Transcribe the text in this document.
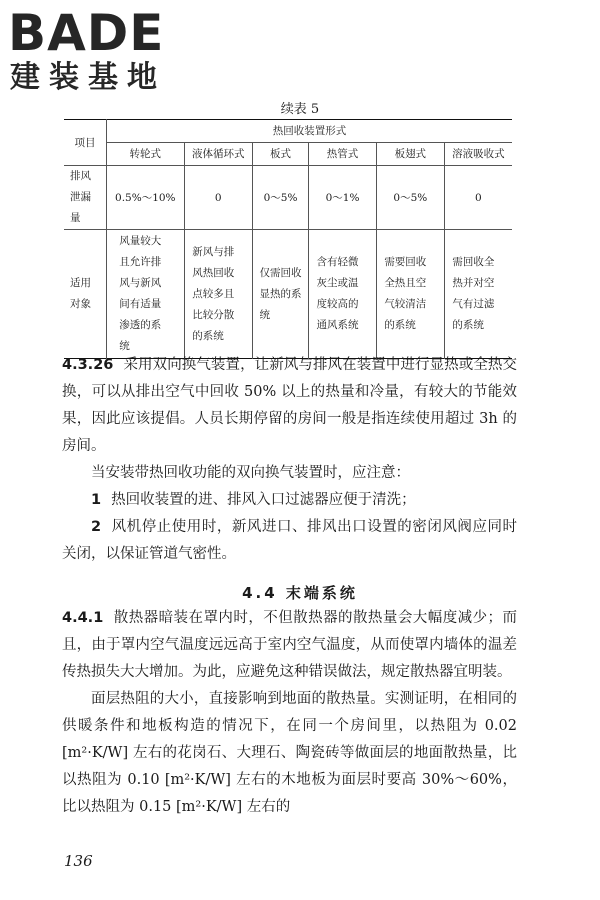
BADE
建装基地
续表 5
项目	热回收装置形式					
	转轮式	液体循环式	板式	热管式	板翅式	溶液吸收式
排风泄漏量	0.5%～10%	0	0～5%	0～1%	0～5%	0
适用对象	风量较大且允许排风与新风间有适量渗透的系统	新风与排风热回收点较多且比较分散的系统	仅需回收显热的系统	含有轻微灰尘或温度较高的通风系统	需要回收全热且空气较清洁的系统	需回收全热并对空气有过滤的系统

4.3.26 采用双向换气装置，让新风与排风在装置中进行显热或全热交换，可以从排出空气中回收 50% 以上的热量和冷量，有较大的节能效果，因此应该提倡。人员长期停留的房间一般是指连续使用超过 3h 的房间。

当安装带热回收功能的双向换气装置时，应注意：

1 热回收装置的进、排风入口过滤器应便于清洗；

2 风机停止使用时，新风进口、排风出口设置的密闭风阀应同时关闭，以保证管道气密性。

4.4 末端系统

4.4.1 散热器暗装在罩内时，不但散热器的散热量会大幅度减少；而且，由于罩内空气温度远远高于室内空气温度，从而使罩内墙体的温差传热损失大大增加。为此，应避免这种错误做法，规定散热器宜明装。

面层热阻的大小，直接影响到地面的散热量。实测证明，在相同的供暖条件和地板构造的情况下，在同一个房间里，以热阻为 0.02 [m²·K/W] 左右的花岗石、大理石、陶瓷砖等做面层的地面散热量，比以热阻为 0.10 [m²·K/W] 左右的木地板为面层时要高 30%～60%，比以热阻为 0.15 [m²·K/W] 左右的

136
